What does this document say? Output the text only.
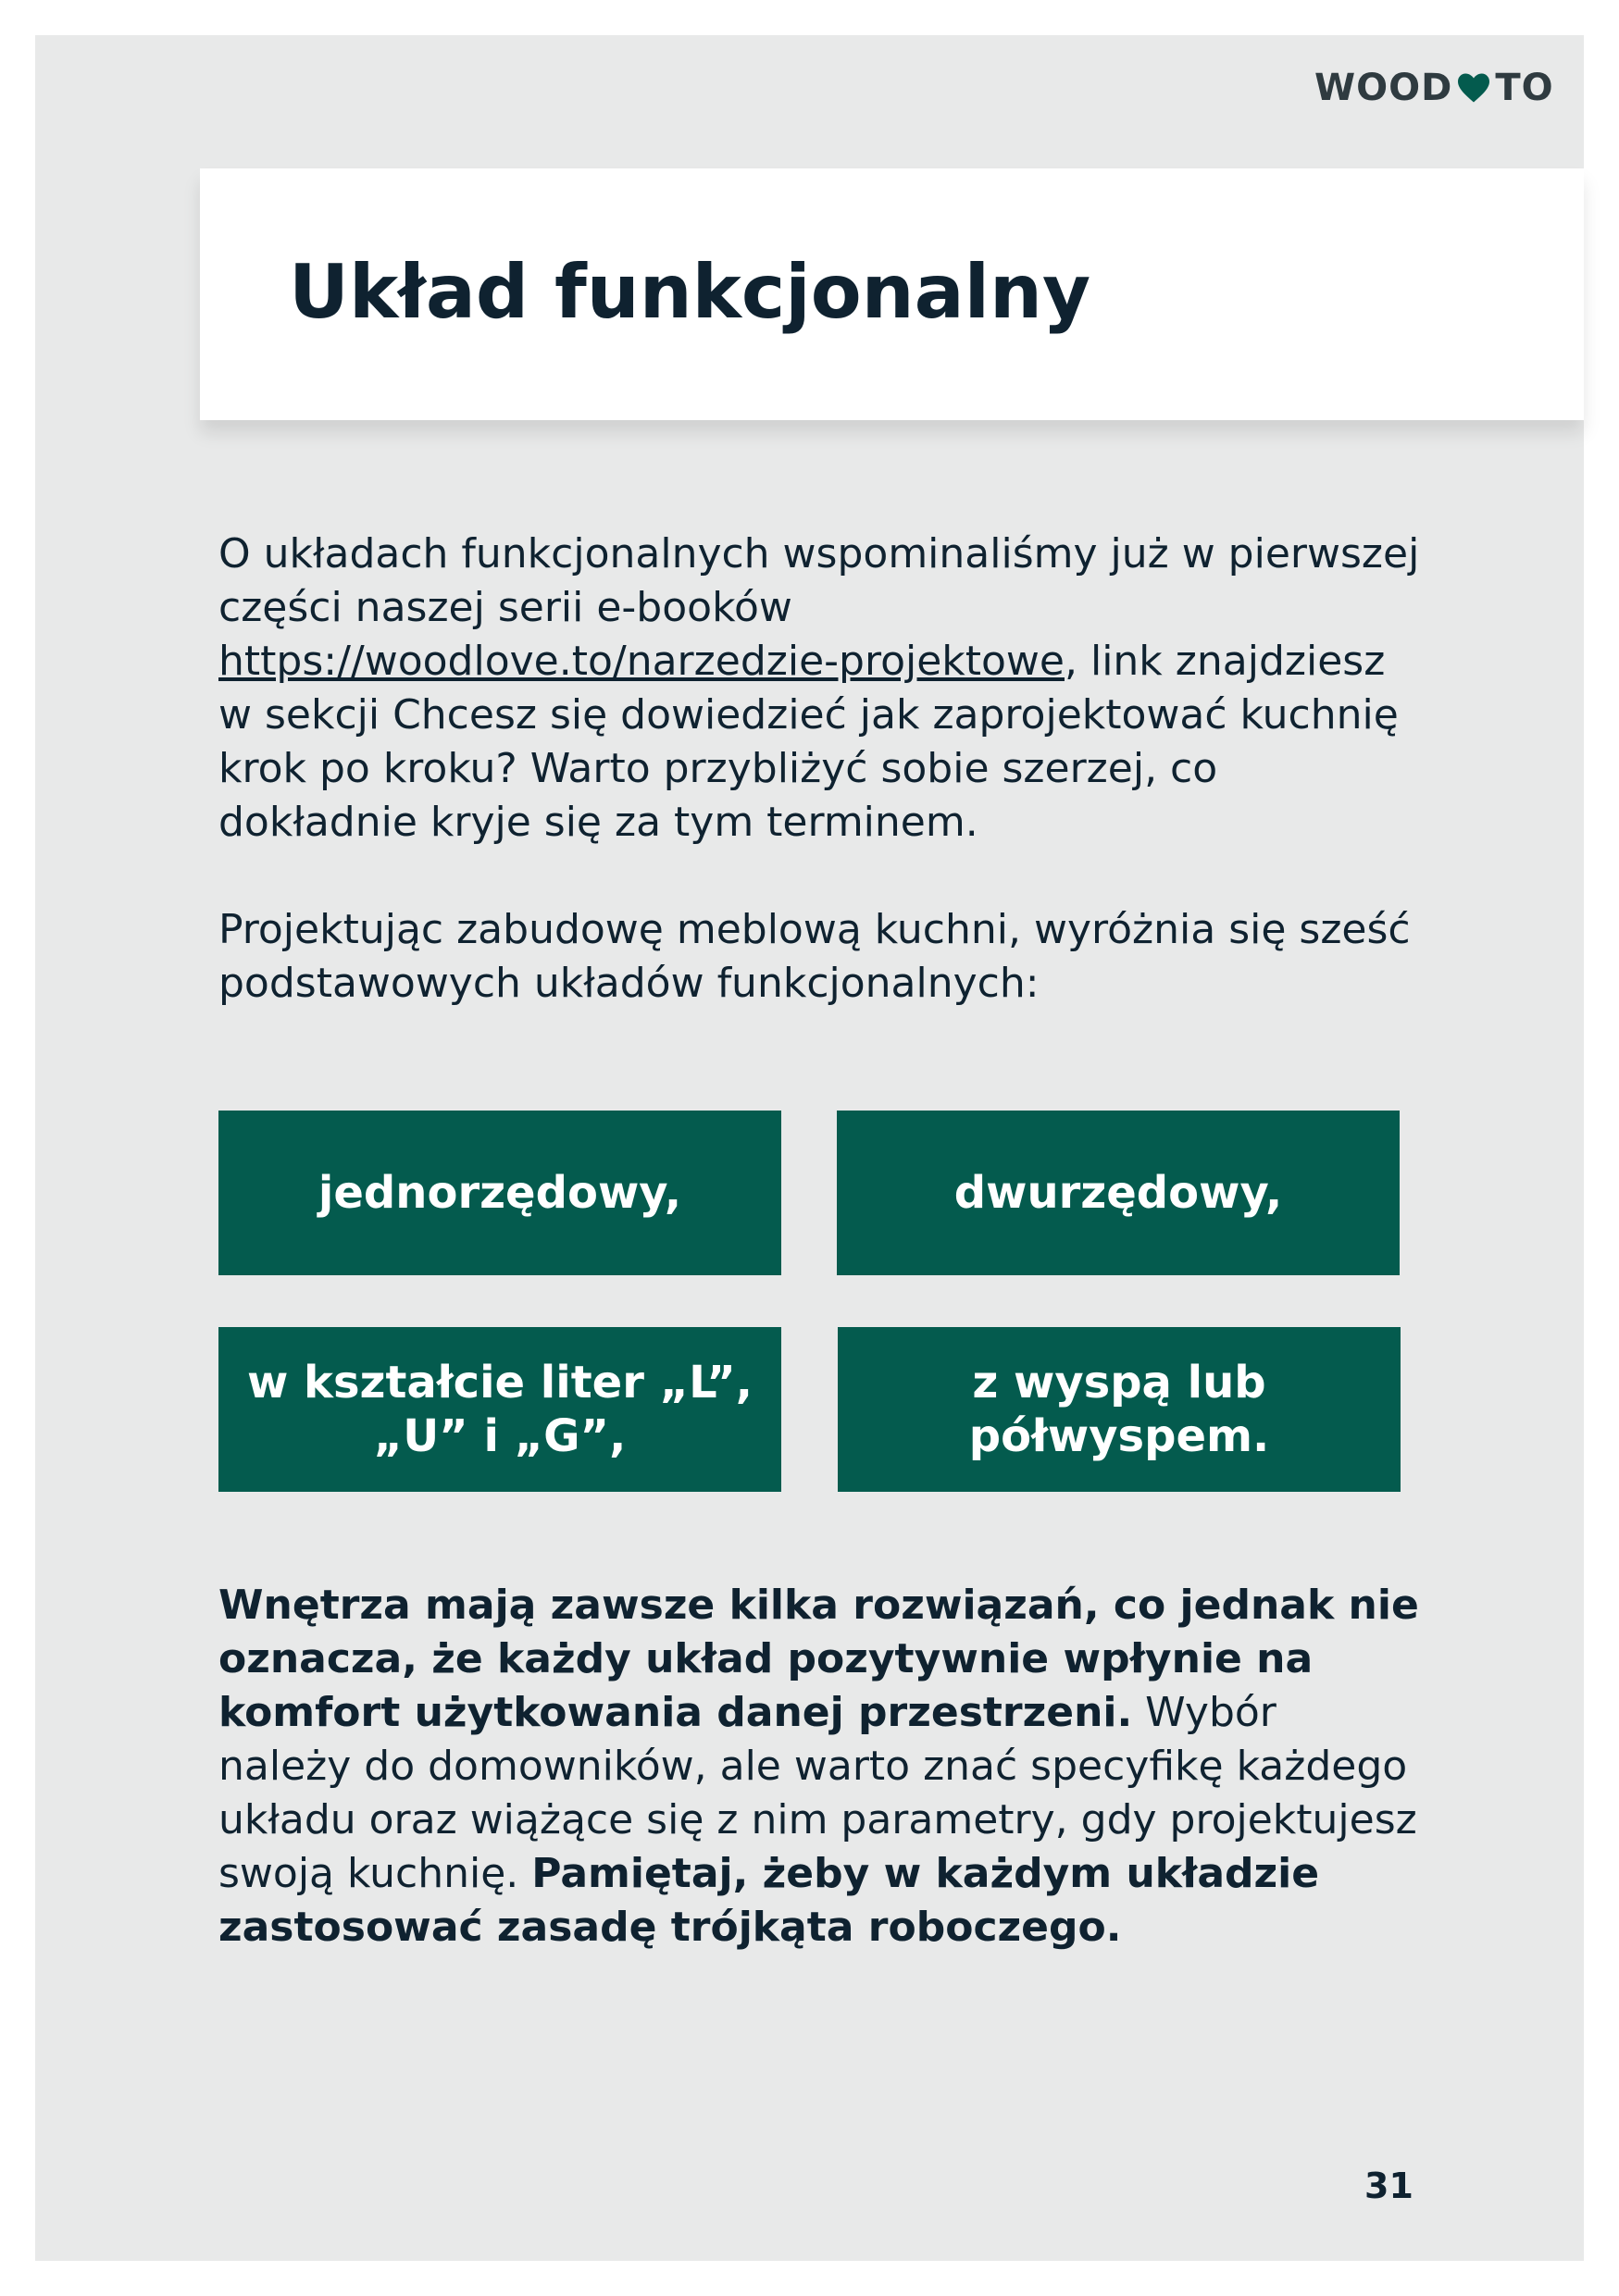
WOOD TO
Układ funkcjonalny

O układach funkcjonalnych wspominaliśmy już w pierwszej części naszej serii e-booków https://woodlove.to/narzedzie-projektowe, link znajdziesz w sekcji Chcesz się dowiedzieć jak zaprojektować kuchnię krok po kroku? Warto przybliżyć sobie szerzej, co dokładnie kryje się za tym terminem.

Projektując zabudowę meblową kuchni, wyróżnia się sześć podstawowych układów funkcjonalnych:

jednorzędowy,	dwurzędowy,
w kształcie liter „L”, „U” i „G”,
z wyspą lub półwyspem.

Wnętrza mają zawsze kilka rozwiązań, co jednak nie oznacza, że każdy układ pozytywnie wpłynie na komfort użytkowania danej przestrzeni. Wybór należy do domowników, ale warto znać specyfikę każdego układu oraz wiążące się z nim parametry, gdy projektujesz swoją kuchnię. Pamiętaj, żeby w każdym układzie zastosować zasadę trójkąta roboczego.

31
